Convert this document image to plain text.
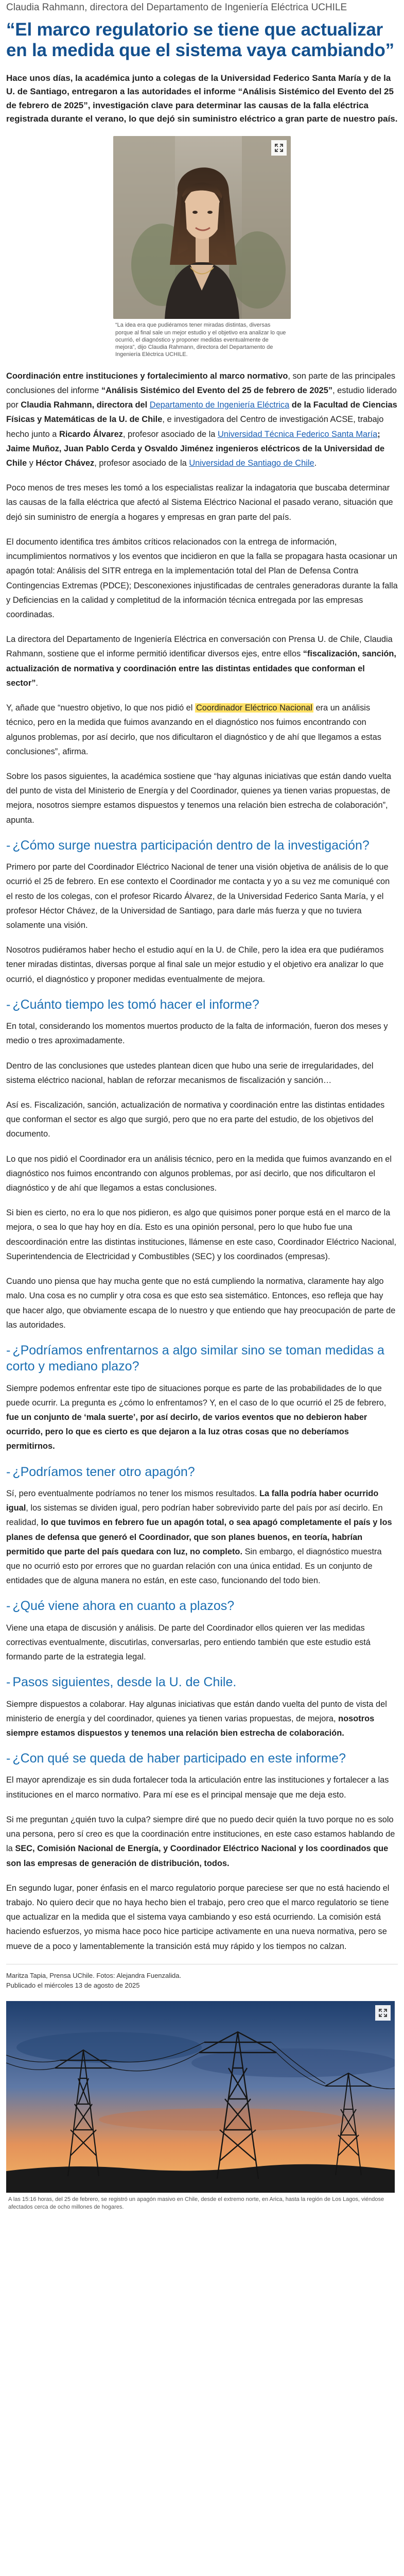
Claudia Rahmann, directora del Departamento de Ingeniería Eléctrica UCHILE
“El marco regulatorio se tiene que actualizar en la medida que el sistema vaya cambiando”

Hace unos días, la académica junto a colegas de la Universidad Federico Santa María y de la U. de Santiago, entregaron a las autoridades el informe “Análisis Sistémico del Evento del 25 de febrero de 2025”, investigación clave para determinar las causas de la falla eléctrica registrada durante el verano, lo que dejó sin suministro eléctrico a gran parte de nuestro país.

“La idea era que pudiéramos tener miradas distintas, diversas porque al final sale un mejor estudio y el objetivo era analizar lo que ocurrió, el diagnóstico y proponer medidas eventualmente de mejora”, dijo Claudia Rahmann, directora del Departamento de Ingeniería Eléctrica UCHILE.

Coordinación entre instituciones y fortalecimiento al marco normativo, son parte de las principales conclusiones del informe “Análisis Sistémico del Evento del 25 de febrero de 2025”, estudio liderado por Claudia Rahmann, directora del Departamento de Ingeniería Eléctrica de la Facultad de Ciencias Físicas y Matemáticas de la U. de Chile, e investigadora del Centro de investigación ACSE, trabajo hecho junto a Ricardo Álvarez, profesor asociado de la Universidad Técnica Federico Santa María; Jaime Muñoz, Juan Pablo Cerda y Osvaldo Jiménez ingenieros eléctricos de la Universidad de Chile y Héctor Chávez, profesor asociado de la Universidad de Santiago de Chile.

Poco menos de tres meses les tomó a los especialistas realizar la indagatoria que buscaba determinar las causas de la falla eléctrica que afectó al Sistema Eléctrico Nacional el pasado verano, situación que dejó sin suministro de energía a hogares y empresas en gran parte del país.

El documento identifica tres ámbitos críticos relacionados con la entrega de información, incumplimientos normativos y los eventos que incidieron en que la falla se propagara hasta ocasionar un apagón total: Análisis del SITR entrega en la implementación total del Plan de Defensa Contra Contingencias Extremas (PDCE); Desconexiones injustificadas de centrales generadoras durante la falla y Deficiencias en la calidad y completitud de la información técnica entregada por las empresas coordinadas.

La directora del Departamento de Ingeniería Eléctrica en conversación con Prensa U. de Chile, Claudia Rahmann, sostiene que el informe permitió identificar diversos ejes, entre ellos “fiscalización, sanción, actualización de normativa y coordinación entre las distintas entidades que conforman el sector”.

Y, añade que “nuestro objetivo, lo que nos pidió el Coordinador Eléctrico Nacional era un análisis técnico, pero en la medida que fuimos avanzando en el diagnóstico nos fuimos encontrando con algunos problemas, por así decirlo, que nos dificultaron el diagnóstico y de ahí que llegamos a estas conclusiones”, afirma.

Sobre los pasos siguientes, la académica sostiene que “hay algunas iniciativas que están dando vuelta del punto de vista del Ministerio de Energía y del Coordinador, quienes ya tienen varias propuestas, de mejora, nosotros siempre estamos dispuestos y tenemos una relación bien estrecha de colaboración”, apunta.

- ¿Cómo surge nuestra participación dentro de la investigación?

Primero por parte del Coordinador Eléctrico Nacional de tener una visión objetiva de análisis de lo que ocurrió el 25 de febrero. En ese contexto el Coordinador me contacta y yo a su vez me comuniqué con el resto de los colegas, con el profesor Ricardo Álvarez, de la Universidad Federico Santa María, y el profesor Héctor Chávez, de la Universidad de Santiago, para darle más fuerza y que no tuviera solamente una visión.

Nosotros pudiéramos haber hecho el estudio aquí en la U. de Chile, pero la idea era que pudiéramos tener miradas distintas, diversas porque al final sale un mejor estudio y el objetivo era analizar lo que ocurrió, el diagnóstico y proponer medidas eventualmente de mejora.

- ¿Cuánto tiempo les tomó hacer el informe?

En total, considerando los momentos muertos producto de la falta de información, fueron dos meses y medio o tres aproximadamente.

Dentro de las conclusiones que ustedes plantean dicen que hubo una serie de irregularidades, del sistema eléctrico nacional, hablan de reforzar mecanismos de fiscalización y sanción…

Así es. Fiscalización, sanción, actualización de normativa y coordinación entre las distintas entidades que conforman el sector es algo que surgió, pero que no era parte del estudio, de los objetivos del documento.

Lo que nos pidió el Coordinador era un análisis técnico, pero en la medida que fuimos avanzando en el diagnóstico nos fuimos encontrando con algunos problemas, por así decirlo, que nos dificultaron el diagnóstico y de ahí que llegamos a estas conclusiones.

Si bien es cierto, no era lo que nos pidieron, es algo que quisimos poner porque está en el marco de la mejora, o sea lo que hay hoy en día. Esto es una opinión personal, pero lo que hubo fue una descoordinación entre las distintas instituciones, llámense en este caso, Coordinador Eléctrico Nacional, Superintendencia de Electricidad y Combustibles (SEC) y los coordinados (empresas).

Cuando uno piensa que hay mucha gente que no está cumpliendo la normativa, claramente hay algo malo. Una cosa es no cumplir y otra cosa es que esto sea sistemático. Entonces, eso refleja que hay que hacer algo, que obviamente escapa de lo nuestro y que entiendo que hay preocupación de parte de las autoridades.

- ¿Podríamos enfrentarnos a algo similar sino se toman medidas a corto y mediano plazo?

Siempre podemos enfrentar este tipo de situaciones porque es parte de las probabilidades de lo que puede ocurrir. La pregunta es ¿cómo lo enfrentamos? Y, en el caso de lo que ocurrió el 25 de febrero, fue un conjunto de ‘mala suerte’, por así decirlo, de varios eventos que no debieron haber ocurrido, pero lo que es cierto es que dejaron a la luz otras cosas que no deberíamos permitirnos.

- ¿Podríamos tener otro apagón?

Sí, pero eventualmente podríamos no tener los mismos resultados. La falla podría haber ocurrido igual, los sistemas se dividen igual, pero podrían haber sobrevivido parte del país por así decirlo. En realidad, lo que tuvimos en febrero fue un apagón total, o sea apagó completamente el país y los planes de defensa que generó el Coordinador, que son planes buenos, en teoría, habrían permitido que parte del país quedara con luz, no completo. Sin embargo, el diagnóstico muestra que no ocurrió esto por errores que no guardan relación con una única entidad. Es un conjunto de entidades que de alguna manera no están, en este caso, funcionando del todo bien.

- ¿Qué viene ahora en cuanto a plazos?

Viene una etapa de discusión y análisis. De parte del Coordinador ellos quieren ver las medidas correctivas eventualmente, discutirlas, conversarlas, pero entiendo también que este estudio está formando parte de la estrategia legal.

- Pasos siguientes, desde la U. de Chile.

Siempre dispuestos a colaborar. Hay algunas iniciativas que están dando vuelta del punto de vista del ministerio de energía y del coordinador, quienes ya tienen varias propuestas, de mejora, nosotros siempre estamos dispuestos y tenemos una relación bien estrecha de colaboración.

- ¿Con qué se queda de haber participado en este informe?

El mayor aprendizaje es sin duda fortalecer toda la articulación entre las instituciones y fortalecer a las instituciones en el marco normativo. Para mí ese es el principal mensaje que me deja esto.

Si me preguntan ¿quién tuvo la culpa? siempre diré que no puedo decir quién la tuvo porque no es solo una persona, pero sí creo es que la coordinación entre instituciones, en este caso estamos hablando de la SEC, Comisión Nacional de Energía, y Coordinador Eléctrico Nacional y los coordinados que son las empresas de generación de distribución, todos.

En segundo lugar, poner énfasis en el marco regulatorio porque pareciese ser que no está haciendo el trabajo. No quiero decir que no haya hecho bien el trabajo, pero creo que el marco regulatorio se tiene que actualizar en la medida que el sistema vaya cambiando y eso está ocurriendo. La comisión está haciendo esfuerzos, yo misma hace poco hice participe activamente en una nueva normativa, pero se mueve de a poco y lamentablemente la transición está muy rápido y los tiempos no calzan.

Maritza Tapia, Prensa UChile. Fotos: Alejandra Fuenzalida.
Publicado el miércoles 13 de agosto de 2025
A las 15:16 horas, del 25 de febrero, se registró un apagón masivo en Chile, desde el extremo norte, en Arica, hasta la región de Los Lagos, viéndose afectados cerca de ocho millones de hogares.
